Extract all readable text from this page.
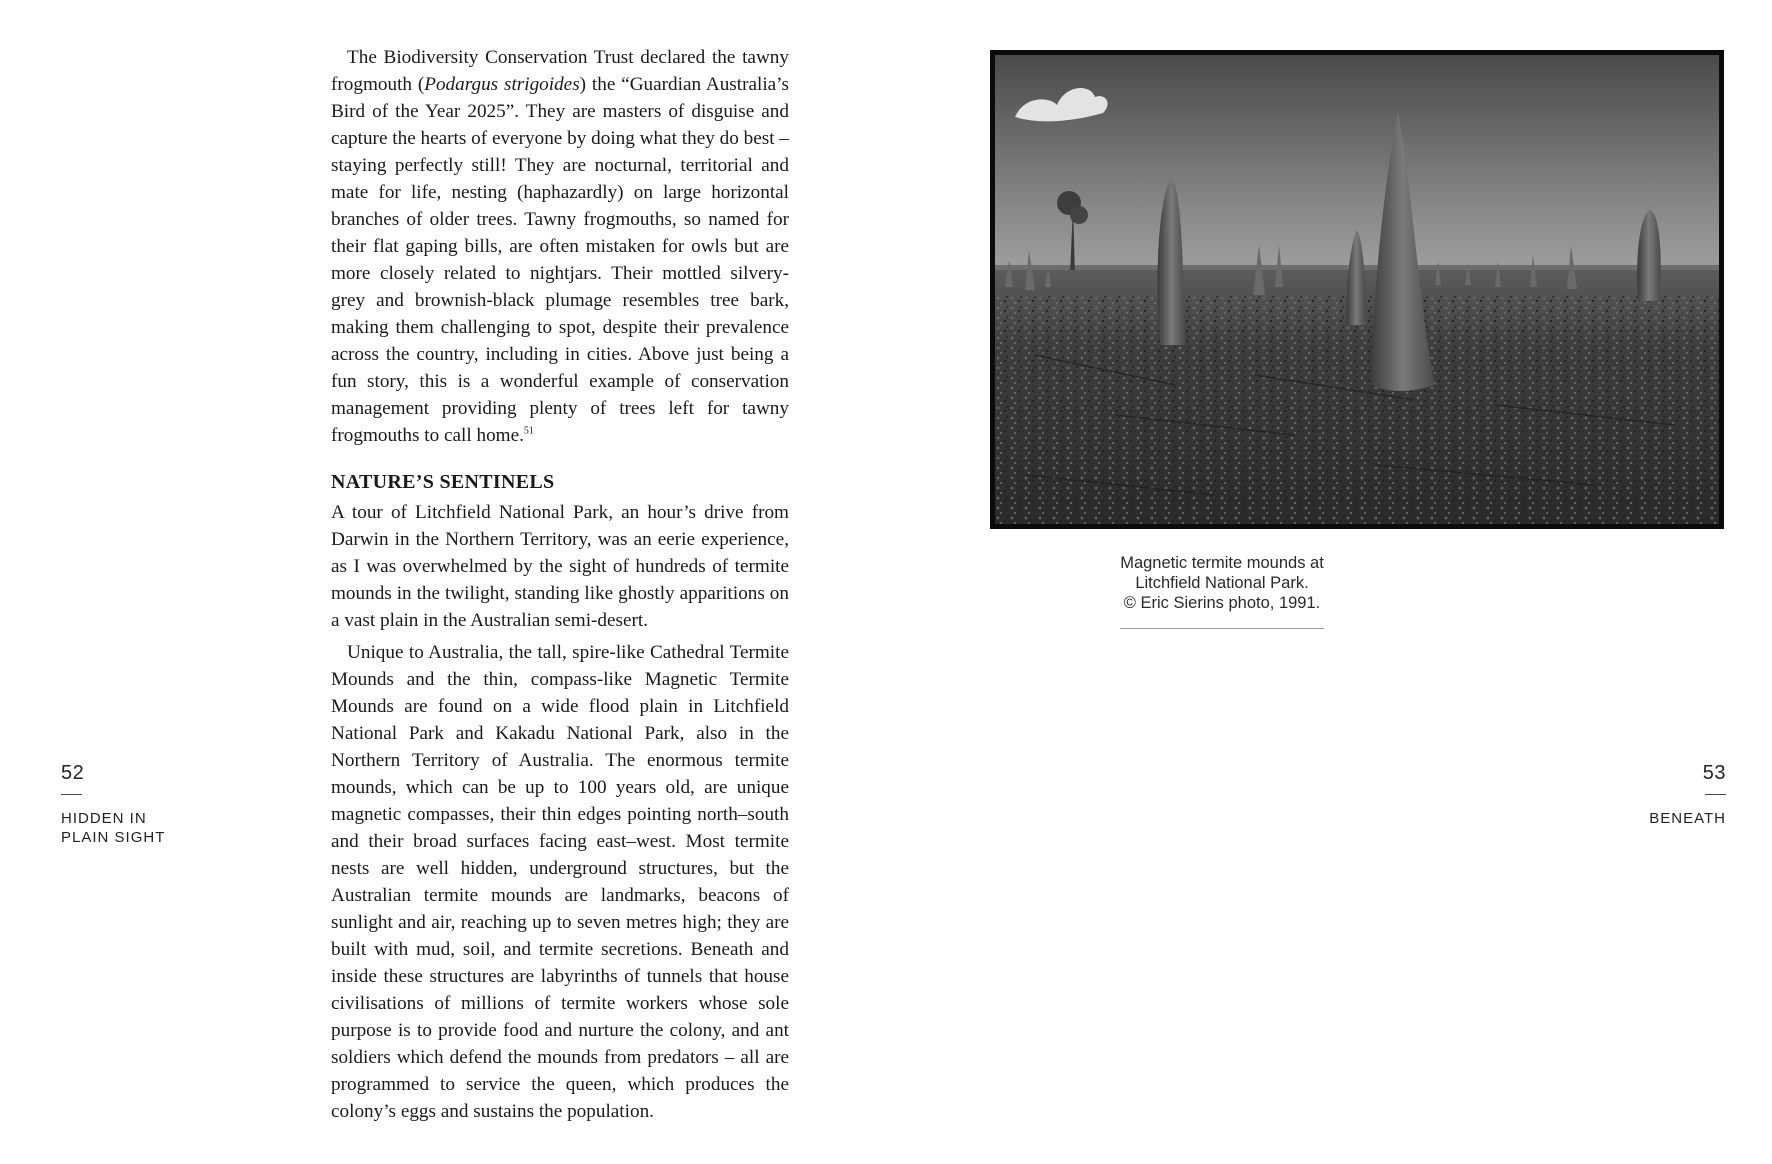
52
HIDDEN IN
PLAIN SIGHT

The Biodiversity Conservation Trust declared the tawny frogmouth (Podargus strigoides) the “Guardian Australia’s Bird of the Year 2025”. They are masters of disguise and capture the hearts of everyone by doing what they do best – staying perfectly still! They are nocturnal, territorial and mate for life, nesting (haphazardly) on large horizontal branches of older trees. Tawny frogmouths, so named for their flat gaping bills, are often mistaken for owls but are more closely related to nightjars. Their mottled silvery-grey and brownish-black plumage resembles tree bark, making them challenging to spot, despite their prevalence across the country, including in cities. Above just being a fun story, this is a wonderful example of conservation management providing plenty of trees left for tawny frogmouths to call home.$^{51}$

NATURE’S SENTINELS

A tour of Litchfield National Park, an hour’s drive from Darwin in the Northern Territory, was an eerie experience, as I was overwhelmed by the sight of hundreds of termite mounds in the twilight, standing like ghostly apparitions on a vast plain in the Australian semi-desert.

Unique to Australia, the tall, spire-like Cathedral Termite Mounds and the thin, compass-like Magnetic Termite Mounds are found on a wide flood plain in Litchfield National Park and Kakadu National Park, also in the Northern Territory of Australia. The enormous termite mounds, which can be up to 100 years old, are unique magnetic compasses, their thin edges pointing north–south and their broad surfaces facing east–west. Most termite nests are well hidden, underground structures, but the Australian termite mounds are landmarks, beacons of sunlight and air, reaching up to seven metres high; they are built with mud, soil, and termite secretions. Beneath and inside these structures are labyrinths of tunnels that house civilisations of millions of termite workers whose sole purpose is to provide food and nurture the colony, and ant soldiers which defend the mounds from predators – all are programmed to service the queen, which produces the colony’s eggs and sustains the population.

Magnetic termite mounds at
Litchfield National Park.
© Eric Sierins photo, 1991.
53
BENEATH
